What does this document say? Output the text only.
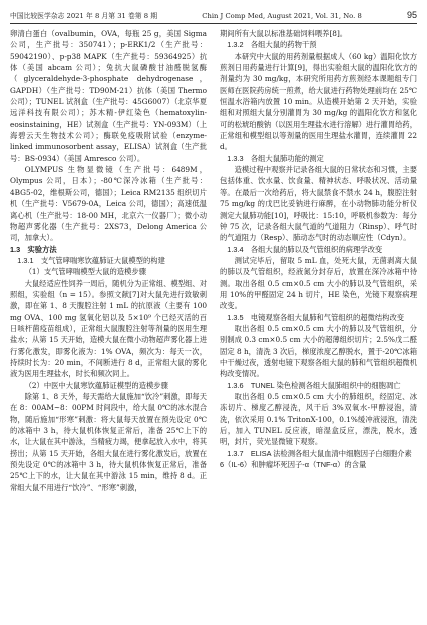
中国比较医学杂志 2021 年 8 月第 31 卷第 8 期	Chin J Comp Med, August 2021, Vol. 31, No. 8	95

卵清白蛋白（ovalbumin，OVA，每瓶 25 g，美国 Sigma 公司，生产批号：350741）；p-ERK1/2（生产批号：59042190）、p-p38 MAPK（生产批号：59364925）抗体（美国 abcam 公司）；兔抗大鼠磷酸甘油醛脱氢酶（glyceraldehyde-3-phosphate dehydrogenase，GAPDH）（生产批号：TD90M-21）抗体（美国 Thermo 公司）；TUNEL 试剂盒（生产批号：45G6007）（北京华夏远洋科技有限公司）；苏木精-伊红染色（hematoxylin-eosinstaining，HE）试剂盒（生产批号：YN-093M）（上海碧云天生物技术公司）；酶联免疫吸附试验（enzyme-linked immunosorbent assay，ELISA）试剂盒（生产批号：BS-0934）（美国 Amresco 公司）。

OLYMPUS 生物显微镜（生产批号：6489M，Olympus 公司，日本）；-80℃深冷冰箱（生产批号：4BG5-02，维根斯公司，德国）；Leica RM2135 组织切片机（生产批号：V5679-0A，Leica 公司，德国）；高速低温离心机（生产批号：18-00 MH，北京六一仪器厂）；微小动物超声雾化器（生产批号：2XS73，Delong America 公司，加拿大）。

1.3　实验方法
1.3.1　支气管哮喘寒饮蕴肺证大鼠模型的构建

（1）支气管哮喘模型大鼠的造模步骤

大鼠经适应性饲养一周后，随机分为正常组、模型组、对照组，实验组（n = 15）。参照文献[7]对大鼠先进行致敏刺激，即在第 1、8 天腹腔注射 1 mL 的抗原液（主要有 100 mg OVA、100 mg 氢氧化铝以及 5×10⁹ 个已经灭活的百日咳杆菌疫苗组成），正常组大鼠腹腔注射等剂量的医用生理盐水；从第 15 天开始，造模大鼠在微小动物超声雾化器上进行雾化激发，即雾化液为：1% OVA，频次为：每天一次，持续时长为：20 min，不间断进行 8 d，正常组大鼠的雾化液为医用生理盐水，时长和频次同上。

（2）中医中大鼠寒饮蕴肺证模型的造模步骤

除第 1、8 天外，每天需给大鼠施加“饮冷”刺激，即每天在 8：00AM~8：00PM 时间段中，给大鼠 0℃的冰水混合物，随后施加“形寒”刺激：将大鼠每天放置在预先设定 0℃的冰箱中 3 h，待大鼠机体恢复正常后，准备 25℃上下的水，让大鼠在其中游泳，当精疲力竭，便拿起放入水中，将其捞出；从第 15 天开始，各组大鼠在进行雾化激发后，放置在预先设定 0℃的冰箱中 3 h，待大鼠机体恢复正常后，准备 25℃上下的水，让大鼠在其中游泳 15 min，维持 8 d。正常组大鼠不用进行“饮冷”、“形寒”刺激，

期间所有大鼠以标准基础饲料喂养[8]。

1.3.2　各组大鼠的药物干预

本研究中大鼠的用药剂量根据成人（60 kg）温阳化饮方煎剂日用药量进行计算[9]，得出实验组大鼠的温阳化饮方的剂量约为 30 mg/kg，本研究所用药方煎剂经本课题组专门医师在医院药房统一煎煮，给大鼠进行药物处理前均在 25℃恒温水浴箱内放置 10 min。从造模开始第 2 天开始，实验组和对照组大鼠分别灌胃为 30 mg/kg 的温阳化饮方和氢化可的松琥珀酸钠（以医用生理盐水进行溶解）进行灌胃给药，正常组和模型组以等剂量的医用生理盐水灌胃，连续灌胃 22 d。

1.3.3　各组大鼠肺功能的测定

造模过程中观察并记录各组大鼠的日常状态和习惯，主要包括体重、饮水量、饮食量、精神状态、呼吸状况、活动量等。在最后一次给药后，将大鼠禁食不禁水 24 h，腹腔注射 75 mg/kg 的戊巴比妥钠进行麻醉，在小动物肺功能分析仪测定大鼠肺功能[10]，呼吸比：15:10，呼吸机参数为：每分钟 75 次，记录各组大鼠气道的气道阻力（Rinsp）、呼气时的气道阻力（Resp）、肺动态气时的动态顺应性（Cdyn）。

1.3.4　各组大鼠的肺以及气管组织的病理学改变

测试完毕后，留取 5 mL 血，处死大鼠，无菌剥离大鼠的肺以及气管组织，经液氮分封存后，放置在深冷冰箱中待测。取出各组 0.5 cm×0.5 cm 大小的肺以及气管组织，采用 10%的甲醛固定 24 h 切片，HE 染色，光镜下观察病理改变。

1.3.5　电镜观察各组大鼠肺和气管组织的超微结构改变

取出各组 0.5 cm×0.5 cm 大小的肺以及气管组织，分别制成 0.3 cm×0.5 cm 大小的超薄组织切片；2.5%戊二醛固定 8 h，清洗 3 次后，梯度浓度乙醇脱水，置于-20℃冰箱中干燥过夜，透射电镜下观察各组大鼠的肺和气管组织超微机构改变情况。

1.3.6　TUNEL 染色检测各组大鼠肺组织中的细胞凋亡

取出各组 0.5 cm×0.5 cm 大小的肺组织，经固定、冰冻切片、梯度乙醇浸洗，风干后 3%双氧水-甲醇浸泡，清洗，依次采用 0.1% TritonX-100，0.1%缓冲液浸泡，清洗后，加入 TUNEL 反应液，暗湿盒反应，漂洗，脱水，透明，封片，荧光显微镜下观察。

1.3.7　ELISA 法检测各组大鼠血清中细胞因子白细胞介素 6（IL-6）和肿瘤坏死因子-α（TNF-α）的含量
